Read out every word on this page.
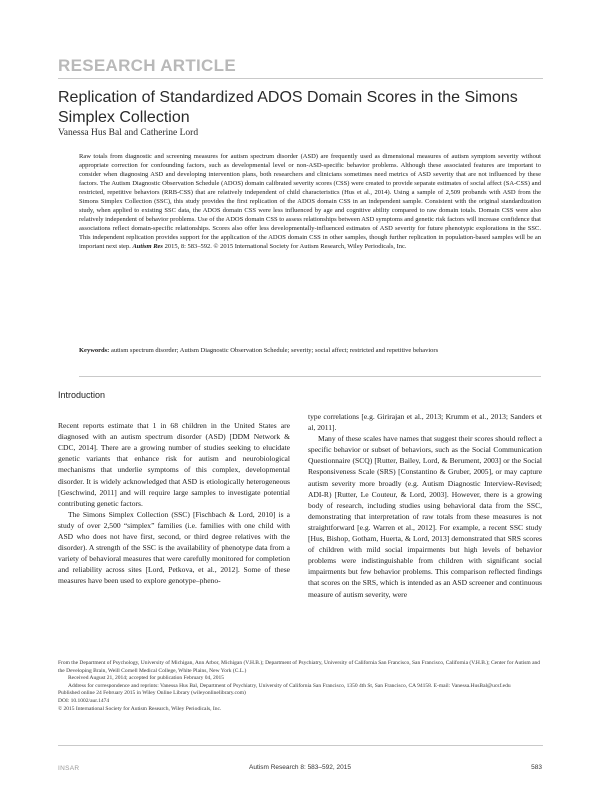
RESEARCH ARTICLE
Replication of Standardized ADOS Domain Scores in the Simons Simplex Collection
Vanessa Hus Bal and Catherine Lord
Raw totals from diagnostic and screening measures for autism spectrum disorder (ASD) are frequently used as dimensional measures of autism symptom severity without appropriate correction for confounding factors, such as developmental level or non-ASD-specific behavior problems. Although these associated features are important to consider when diagnosing ASD and developing intervention plans, both researchers and clinicians sometimes need metrics of ASD severity that are not influenced by these factors. The Autism Diagnostic Observation Schedule (ADOS) domain calibrated severity scores (CSS) were created to provide separate estimates of social affect (SA-CSS) and restricted, repetitive behaviors (RRB-CSS) that are relatively independent of child characteristics (Hus et al., 2014). Using a sample of 2,509 probands with ASD from the Simons Simplex Collection (SSC), this study provides the first replication of the ADOS domain CSS in an independent sample. Consistent with the original standardization study, when applied to existing SSC data, the ADOS domain CSS were less influenced by age and cognitive ability compared to raw domain totals. Domain CSS were also relatively independent of behavior problems. Use of the ADOS domain CSS to assess relationships between ASD symptoms and genetic risk factors will increase confidence that associations reflect domain-specific relationships. Scores also offer less developmentally-influenced estimates of ASD severity for future phenotypic explorations in the SSC. This independent replication provides support for the application of the ADOS domain CSS in other samples, though further replication in population-based samples will be an important next step. Autism Res 2015, 8: 583–592. © 2015 International Society for Autism Research, Wiley Periodicals, Inc.
Keywords: autism spectrum disorder; Autism Diagnostic Observation Schedule; severity; social affect; restricted and repetitive behaviors
Introduction

Recent reports estimate that 1 in 68 children in the United States are diagnosed with an autism spectrum disorder (ASD) [DDM Network & CDC, 2014]. There are a growing number of studies seeking to elucidate genetic variants that enhance risk for autism and neurobiological mechanisms that underlie symptoms of this complex, developmental disorder. It is widely acknowledged that ASD is etiologically heterogeneous [Geschwind, 2011] and will require large samples to investigate potential contributing genetic factors.

The Simons Simplex Collection (SSC) [Fischbach & Lord, 2010] is a study of over 2,500 “simplex” families (i.e. families with one child with ASD who does not have first, second, or third degree relatives with the disorder). A strength of the SSC is the availability of phenotype data from a variety of behavioral measures that were carefully monitored for completion and reliability across sites [Lord, Petkova, et al., 2012]. Some of these measures have been used to explore genotype–pheno-

type correlations [e.g. Girirajan et al., 2013; Krumm et al., 2013; Sanders et al, 2011].

Many of these scales have names that suggest their scores should reflect a specific behavior or subset of behaviors, such as the Social Communication Questionnaire (SCQ) [Rutter, Bailey, Lord, & Berument, 2003] or the Social Responsiveness Scale (SRS) [Constantino & Gruber, 2005], or may capture autism severity more broadly (e.g. Autism Diagnostic Interview-Revised; ADI-R) [Rutter, Le Couteur, & Lord, 2003]. However, there is a growing body of research, including studies using behavioral data from the SSC, demonstrating that interpretation of raw totals from these measures is not straightforward [e.g. Warren et al., 2012]. For example, a recent SSC study [Hus, Bishop, Gotham, Huerta, & Lord, 2013] demonstrated that SRS scores of children with mild social impairments but high levels of behavior problems were indistinguishable from children with significant social impairments but few behavior problems. This comparison reflected findings that scores on the SRS, which is intended as an ASD screener and continuous measure of autism severity, were

From the Department of Psychology, University of Michigan, Ann Arbor, Michigan (V.H.B.); Department of Psychiatry, University of California San Francisco, San Francisco, California (V.H.B.); Center for Autism and the Developing Brain, Weill Cornell Medical College, White Plains, New York (C.L.)
Received August 21, 2014; accepted for publication February 04, 2015
Address for correspondence and reprints: Vanessa Hus Bal, Department of Psychiatry, University of California San Francisco, 1350 4th St, San Francisco, CA 94158. E-mail: Vanessa.HusBal@ucsf.edu
Published online 24 February 2015 in Wiley Online Library (wileyonlinelibrary.com)
DOI: 10.1002/aur.1474
© 2015 International Society for Autism Research, Wiley Periodicals, Inc.
INSAR	Autism Research 8: 583–592, 2015	583
